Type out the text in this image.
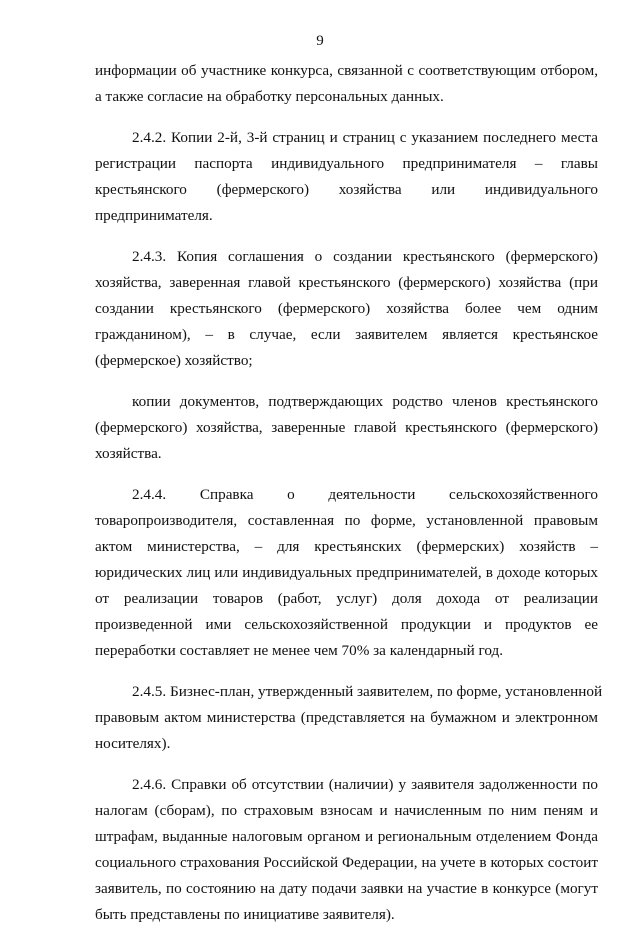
9

информации об участнике конкурса, связанной с соответствующим отбором,
а также согласие на обработку персональных данных.

2.4.2. Копии 2-й, 3-й страниц и страниц с указанием последнего места
регистрации паспорта индивидуального предпринимателя – главы
крестьянского (фермерского) хозяйства или индивидуального
предпринимателя.

2.4.3. Копия соглашения о создании крестьянского (фермерского)
хозяйства, заверенная главой крестьянского (фермерского) хозяйства (при
создании крестьянского (фермерского) хозяйства более чем одним
гражданином), – в случае, если заявителем является крестьянское
(фермерское) хозяйство;

копии документов, подтверждающих родство членов крестьянского
(фермерского) хозяйства, заверенные главой крестьянского (фермерского)
хозяйства.

2.4.4. Справка о деятельности сельскохозяйственного
товаропроизводителя, составленная по форме, установленной правовым
актом министерства, – для крестьянских (фермерских) хозяйств –
юридических лиц или индивидуальных предпринимателей, в доходе которых
от реализации товаров (работ, услуг) доля дохода от реализации
произведенной ими сельскохозяйственной продукции и продуктов ее
переработки составляет не менее чем 70% за календарный год.

2.4.5. Бизнес-план, утвержденный заявителем, по форме, установленной
правовым актом министерства (представляется на бумажном и электронном
носителях).

2.4.6. Справки об отсутствии (наличии) у заявителя задолженности по
налогам (сборам), по страховым взносам и начисленным по ним пеням и
штрафам, выданные налоговым органом и региональным отделением Фонда
социального страхования Российской Федерации, на учете в которых состоит
заявитель, по состоянию на дату подачи заявки на участие в конкурсе (могут
быть представлены по инициативе заявителя).
